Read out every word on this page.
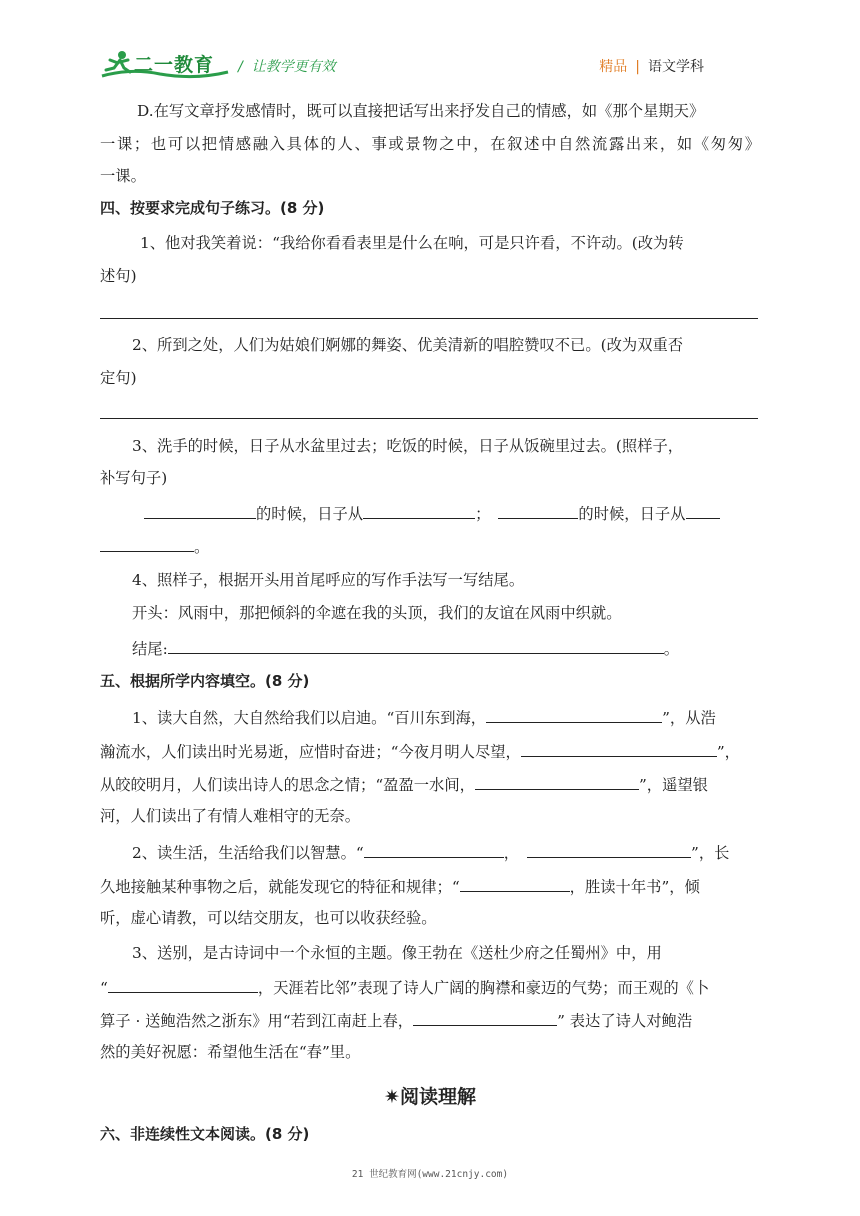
二一教育 /  让教学更有效	精品 | 语文学科
D.在写文章抒发感情时，既可以直接把话写出来抒发自己的情感，如《那个星期天》
一课；也可以把情感融入具体的人、事或景物之中，在叙述中自然流露出来，如《匆匆》
一课。
四、按要求完成句子练习。(8 分)
1、他对我笑着说：“我给你看看表里是什么在响，可是只许看，不许动。(改为转
述句)
2、所到之处，人们为姑娘们婀娜的舞姿、优美清新的唱腔赞叹不已。(改为双重否
定句)
3、洗手的时候，日子从水盆里过去；吃饭的时候，日子从饭碗里过去。(照样子，
补写句子)
的时候，日子从	；	的时候，日子从
。
4、照样子，根据开头用首尾呼应的写作手法写一写结尾。
开头：风雨中，那把倾斜的伞遮在我的头顶，我们的友谊在风雨中织就。
结尾:	。
五、根据所学内容填空。(8 分)
1、读大自然，大自然给我们以启迪。“百川东到海，	”，从浩
瀚流水，人们读出时光易逝，应惜时奋进；“今夜月明人尽望，	”，
从皎皎明月，人们读出诗人的思念之情；“盈盈一水间，	”，遥望银
河，人们读出了有情人难相守的无奈。
2、读生活，生活给我们以智慧。“	，	”，长
久地接触某种事物之后，就能发现它的特征和规律；“	，胜读十年书”，倾
听，虚心请教，可以结交朋友，也可以收获经验。
3、送别，是古诗词中一个永恒的主题。像王勃在《送杜少府之任蜀州》中，用
“	，天涯若比邻”表现了诗人广阔的胸襟和豪迈的气势；而王观的《卜
算子 · 送鲍浩然之浙东》用“若到江南赶上春，	” 表达了诗人对鲍浩
然的美好祝愿：希望他生活在“春”里。
✷阅读理解
六、非连续性文本阅读。(8 分)
21 世纪教育网(www.21cnjy.com)
